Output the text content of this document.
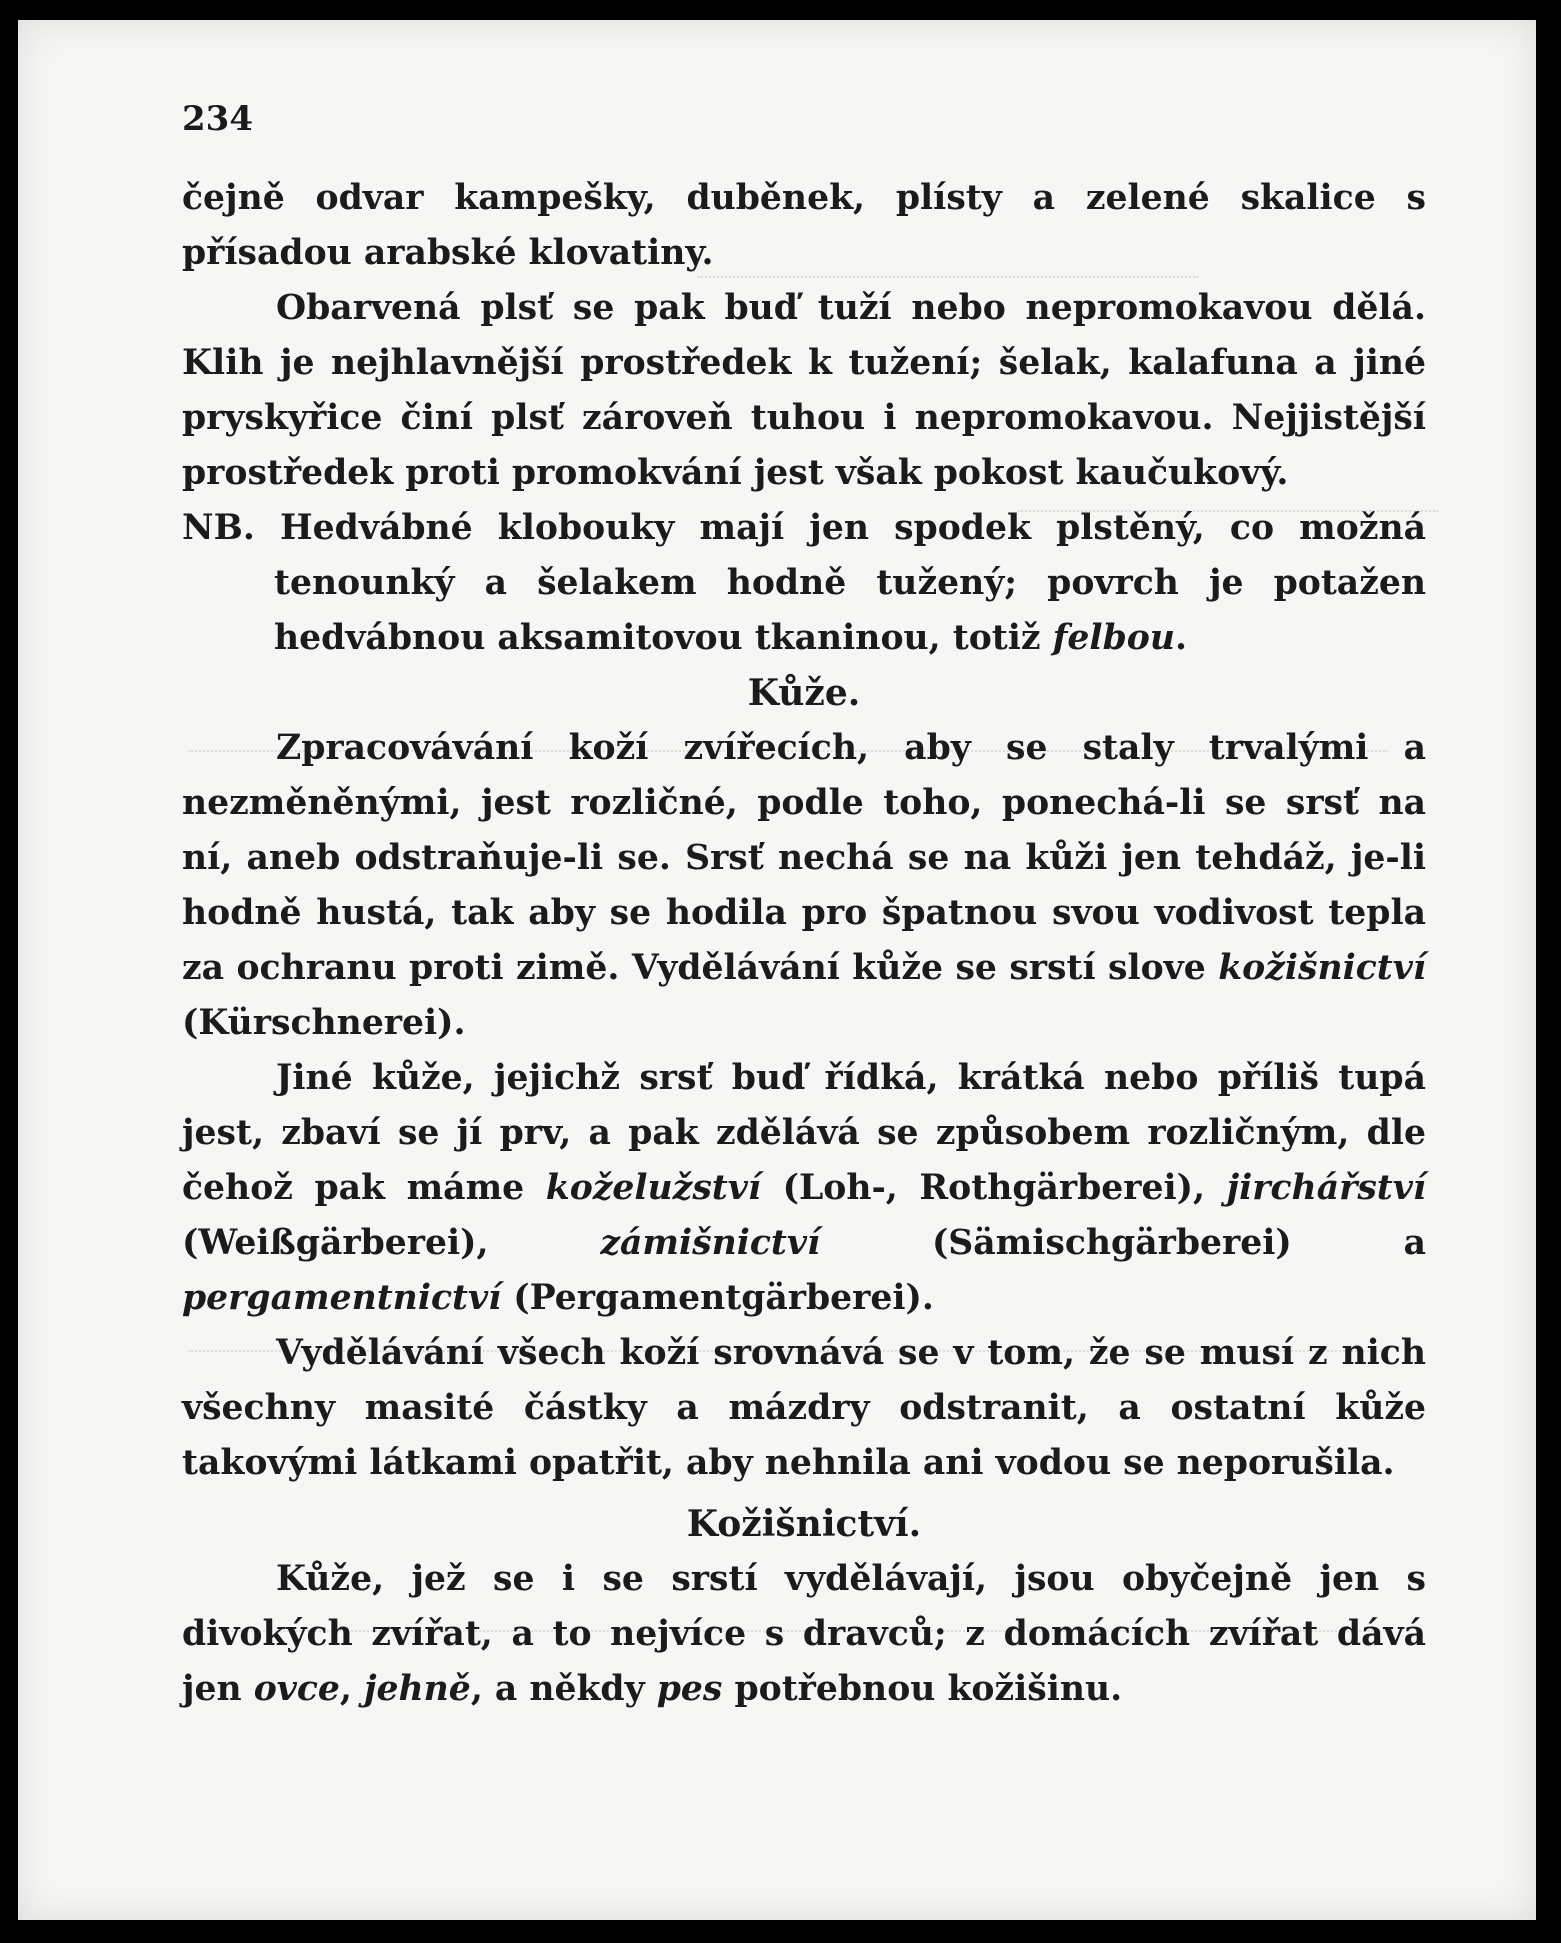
234

čejně odvar kampešky, duběnek, plísty a zelené skalice s přísadou arabské klovatiny.

Obarvená plsť se pak buď tuží nebo nepromokavou dělá. Klih je nejhlavnější prostředek k tužení; šelak, kalafuna a jiné pryskyřice činí plsť zároveň tuhou i nepromokavou. Nejjistější prostředek proti promokvání jest však pokost kaučukový.

NB. Hedvábné klobouky mají jen spodek plstěný, co možná tenounký a šelakem hodně tužený; povrch je potažen hedvábnou aksamitovou tkaninou, totiž felbou.

Kůže.

Zpracovávání koží zvířecích, aby se staly trvalými a nezměněnými, jest rozličné, podle toho, ponechá-li se srsť na ní, aneb odstraňuje-li se. Srsť nechá se na kůži jen tehdáž, je-li hodně hustá, tak aby se hodila pro špatnou svou vodivost tepla za ochranu proti zimě. Vydělávání kůže se srstí slove kožišnictví (Kürschnerei).

Jiné kůže, jejichž srsť buď řídká, krátká nebo příliš tupá jest, zbaví se jí prv, a pak zdělává se způsobem rozličným, dle čehož pak máme koželužství (Loh-, Rothgärberei), jirchářství (Weißgärberei),	zámišnictví	(Sämischgärberei) a pergamentnictví (Pergamentgärberei).

Vydělávání všech koží srovnává se v tom, že se musí z nich všechny masité částky a mázdry odstranit, a ostatní kůže takovými látkami opatřit, aby nehnila ani vodou se neporušila.

Kožišnictví.

Kůže, jež se i se srstí vydělávají, jsou obyčejně jen s divokých zvířat, a to nejvíce s dravců; z domácích zvířat dává jen ovce, jehně, a někdy pes potřebnou kožišinu.
